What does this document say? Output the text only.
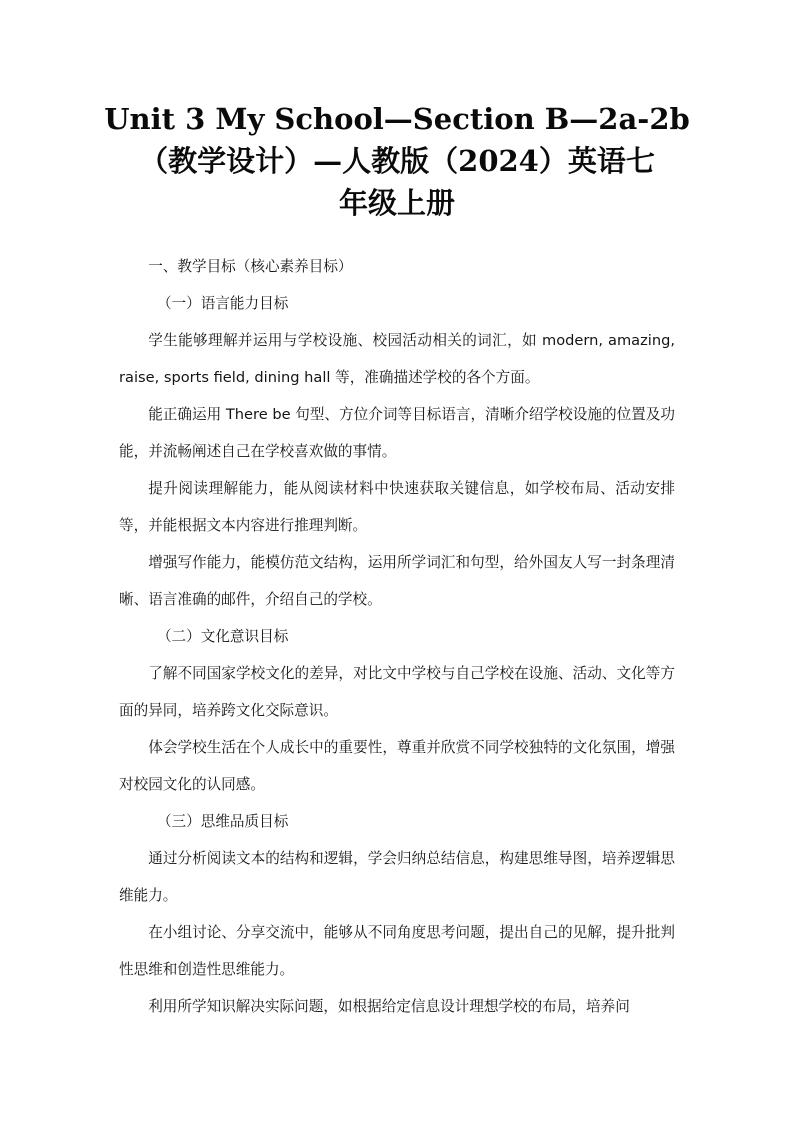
Unit 3 My School—Section B—2a-2b
（教学设计）—人教版（2024）英语七
年级上册

一、教学目标（核心素养目标）

（一）语言能力目标

学生能够理解并运用与学校设施、校园活动相关的词汇，如 modern, amazing, raise, sports field, dining hall 等，准确描述学校的各个方面。

能正确运用 There be 句型、方位介词等目标语言，清晰介绍学校设施的位置及功能，并流畅阐述自己在学校喜欢做的事情。

提升阅读理解能力，能从阅读材料中快速获取关键信息，如学校布局、活动安排等，并能根据文本内容进行推理判断。

增强写作能力，能模仿范文结构，运用所学词汇和句型，给外国友人写一封条理清晰、语言准确的邮件，介绍自己的学校。

（二）文化意识目标

了解不同国家学校文化的差异，对比文中学校与自己学校在设施、活动、文化等方面的异同，培养跨文化交际意识。

体会学校生活在个人成长中的重要性，尊重并欣赏不同学校独特的文化氛围，增强对校园文化的认同感。

（三）思维品质目标

通过分析阅读文本的结构和逻辑，学会归纳总结信息，构建思维导图，培养逻辑思维能力。

在小组讨论、分享交流中，能够从不同角度思考问题，提出自己的见解，提升批判性思维和创造性思维能力。

利用所学知识解决实际问题，如根据给定信息设计理想学校的布局，培养问
